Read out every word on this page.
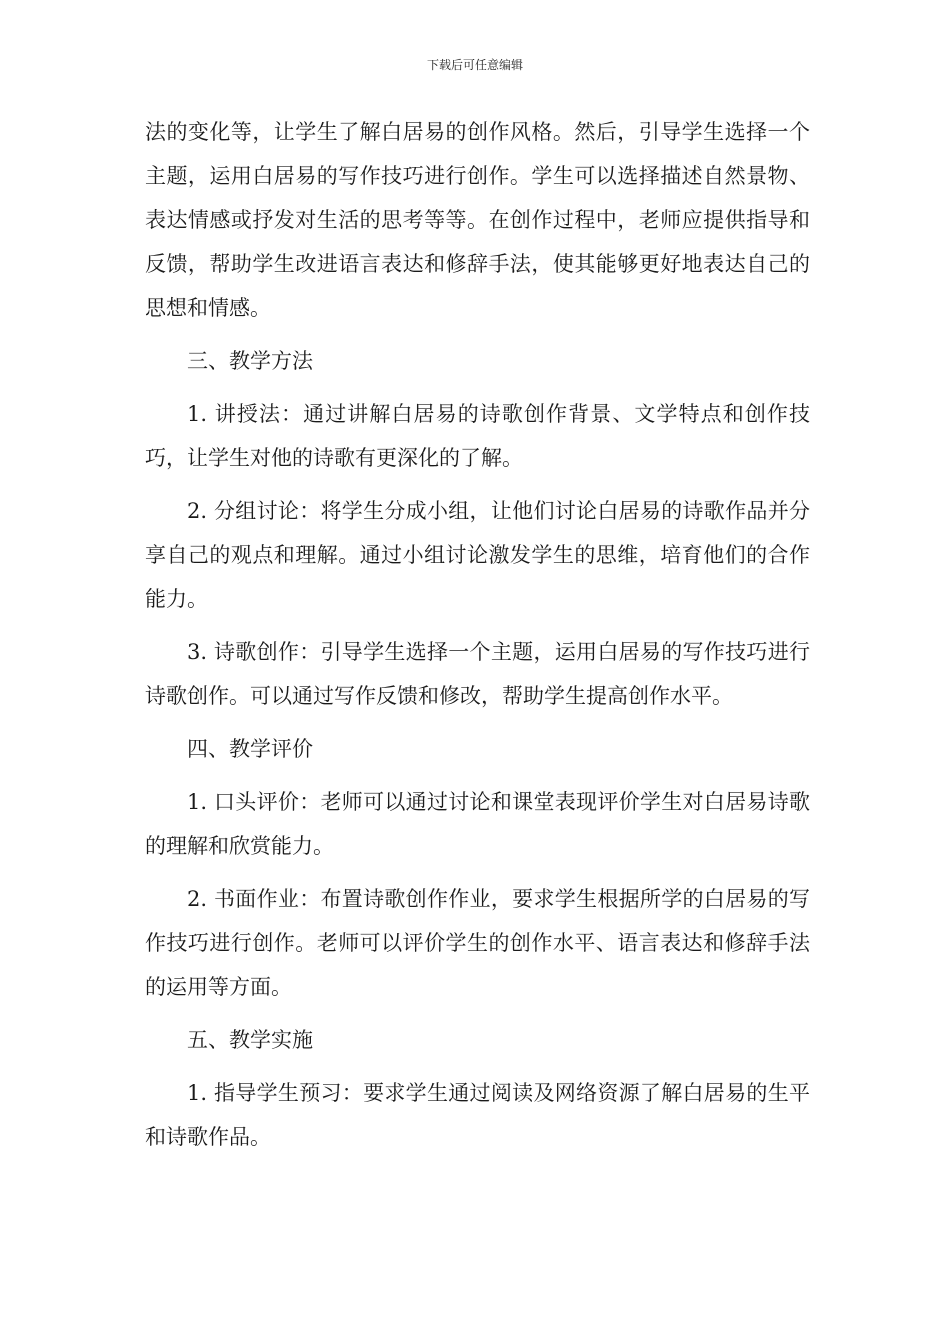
下载后可任意编辑

法的变化等，让学生了解白居易的创作风格。然后，引导学生选择一个主题，运用白居易的写作技巧进行创作。学生可以选择描述自然景物、表达情感或抒发对生活的思考等等。在创作过程中，老师应提供指导和反馈，帮助学生改进语言表达和修辞手法，使其能够更好地表达自己的思想和情感。

三、教学方法

1. 讲授法：通过讲解白居易的诗歌创作背景、文学特点和创作技巧，让学生对他的诗歌有更深化的了解。

2. 分组讨论：将学生分成小组，让他们讨论白居易的诗歌作品并分享自己的观点和理解。通过小组讨论激发学生的思维，培育他们的合作能力。

3. 诗歌创作：引导学生选择一个主题，运用白居易的写作技巧进行诗歌创作。可以通过写作反馈和修改，帮助学生提高创作水平。

四、教学评价

1. 口头评价：老师可以通过讨论和课堂表现评价学生对白居易诗歌的理解和欣赏能力。

2. 书面作业：布置诗歌创作作业，要求学生根据所学的白居易的写作技巧进行创作。老师可以评价学生的创作水平、语言表达和修辞手法的运用等方面。

五、教学实施

1. 指导学生预习：要求学生通过阅读及网络资源了解白居易的生平和诗歌作品。
